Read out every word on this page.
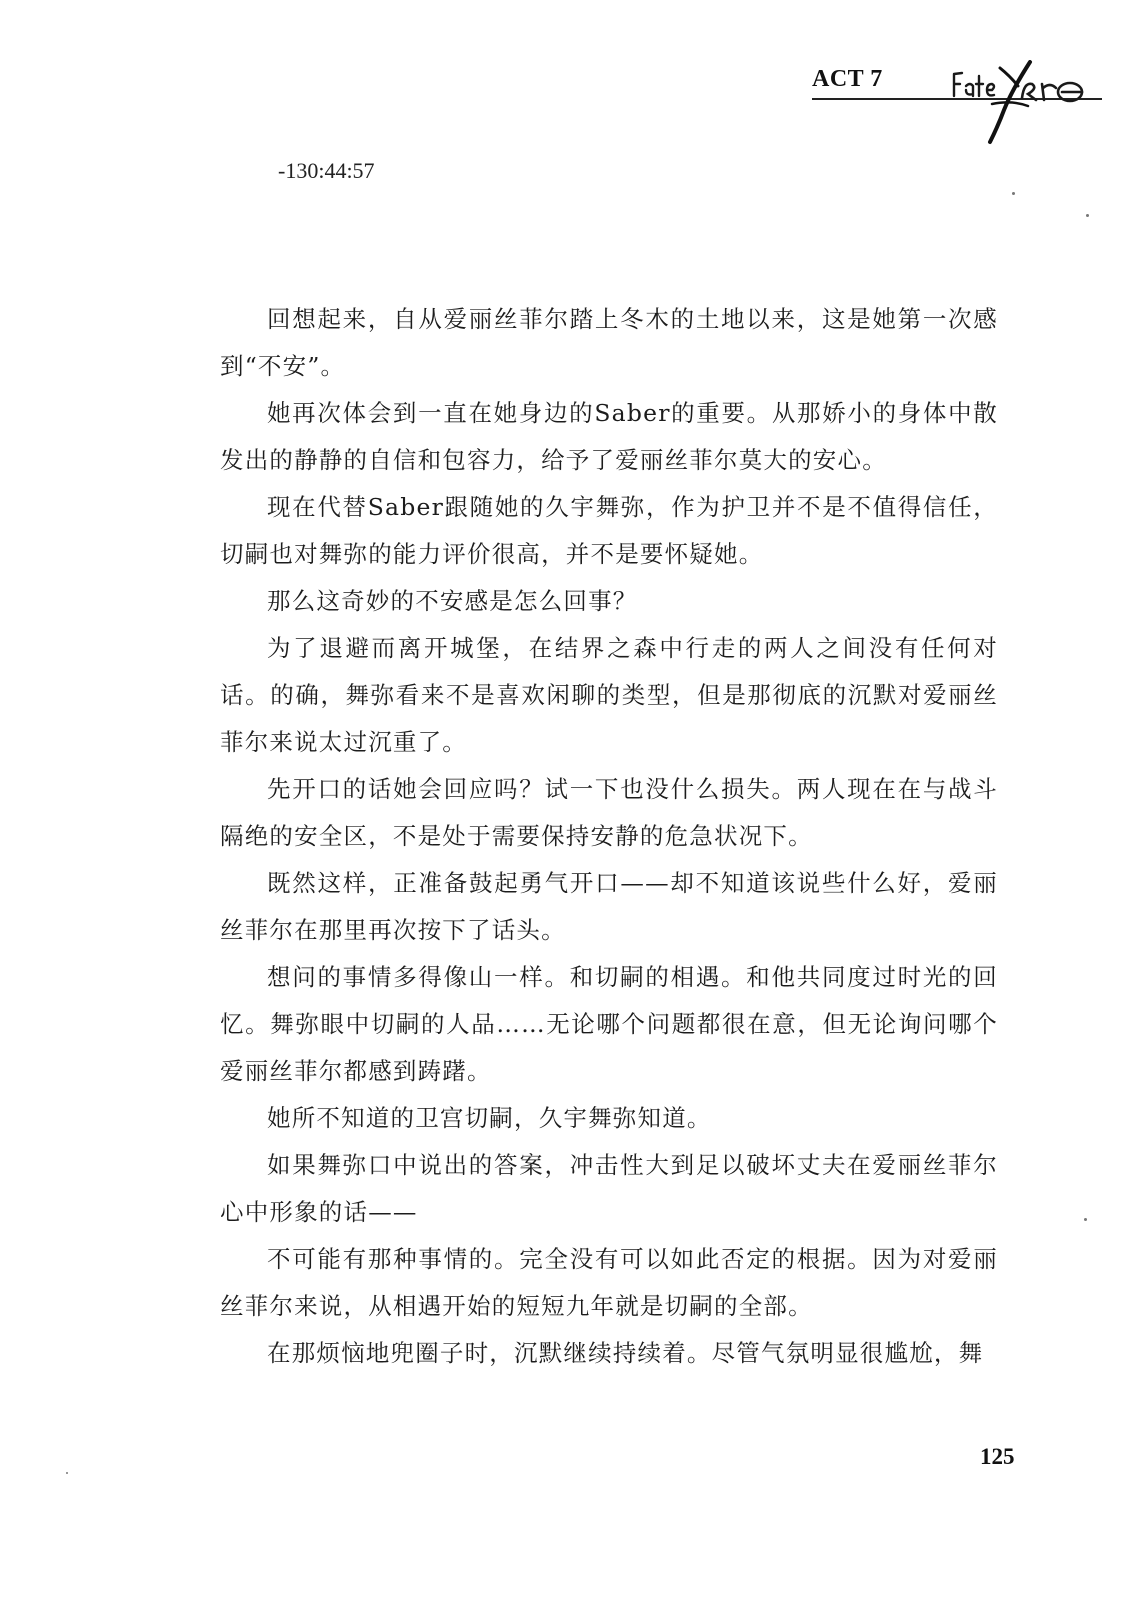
ACT 7
-130:44:57

回想起来，自从爱丽丝菲尔踏上冬木的土地以来，这是她第一次感到“不安”。

她再次体会到一直在她身边的Saber的重要。从那娇小的身体中散发出的静静的自信和包容力，给予了爱丽丝菲尔莫大的安心。

现在代替Saber跟随她的久宇舞弥，作为护卫并不是不值得信任，切嗣也对舞弥的能力评价很高，并不是要怀疑她。

那么这奇妙的不安感是怎么回事？

为了退避而离开城堡，在结界之森中行走的两人之间没有任何对话。的确，舞弥看来不是喜欢闲聊的类型，但是那彻底的沉默对爱丽丝菲尔来说太过沉重了。

先开口的话她会回应吗？试一下也没什么损失。两人现在在与战斗隔绝的安全区，不是处于需要保持安静的危急状况下。

既然这样，正准备鼓起勇气开口——却不知道该说些什么好，爱丽丝菲尔在那里再次按下了话头。

想问的事情多得像山一样。和切嗣的相遇。和他共同度过时光的回忆。舞弥眼中切嗣的人品……无论哪个问题都很在意，但无论询问哪个爱丽丝菲尔都感到踌躇。

她所不知道的卫宫切嗣，久宇舞弥知道。

如果舞弥口中说出的答案，冲击性大到足以破坏丈夫在爱丽丝菲尔心中形象的话——

不可能有那种事情的。完全没有可以如此否定的根据。因为对爱丽丝菲尔来说，从相遇开始的短短九年就是切嗣的全部。

在那烦恼地兜圈子时，沉默继续持续着。尽管气氛明显很尴尬，舞

125
